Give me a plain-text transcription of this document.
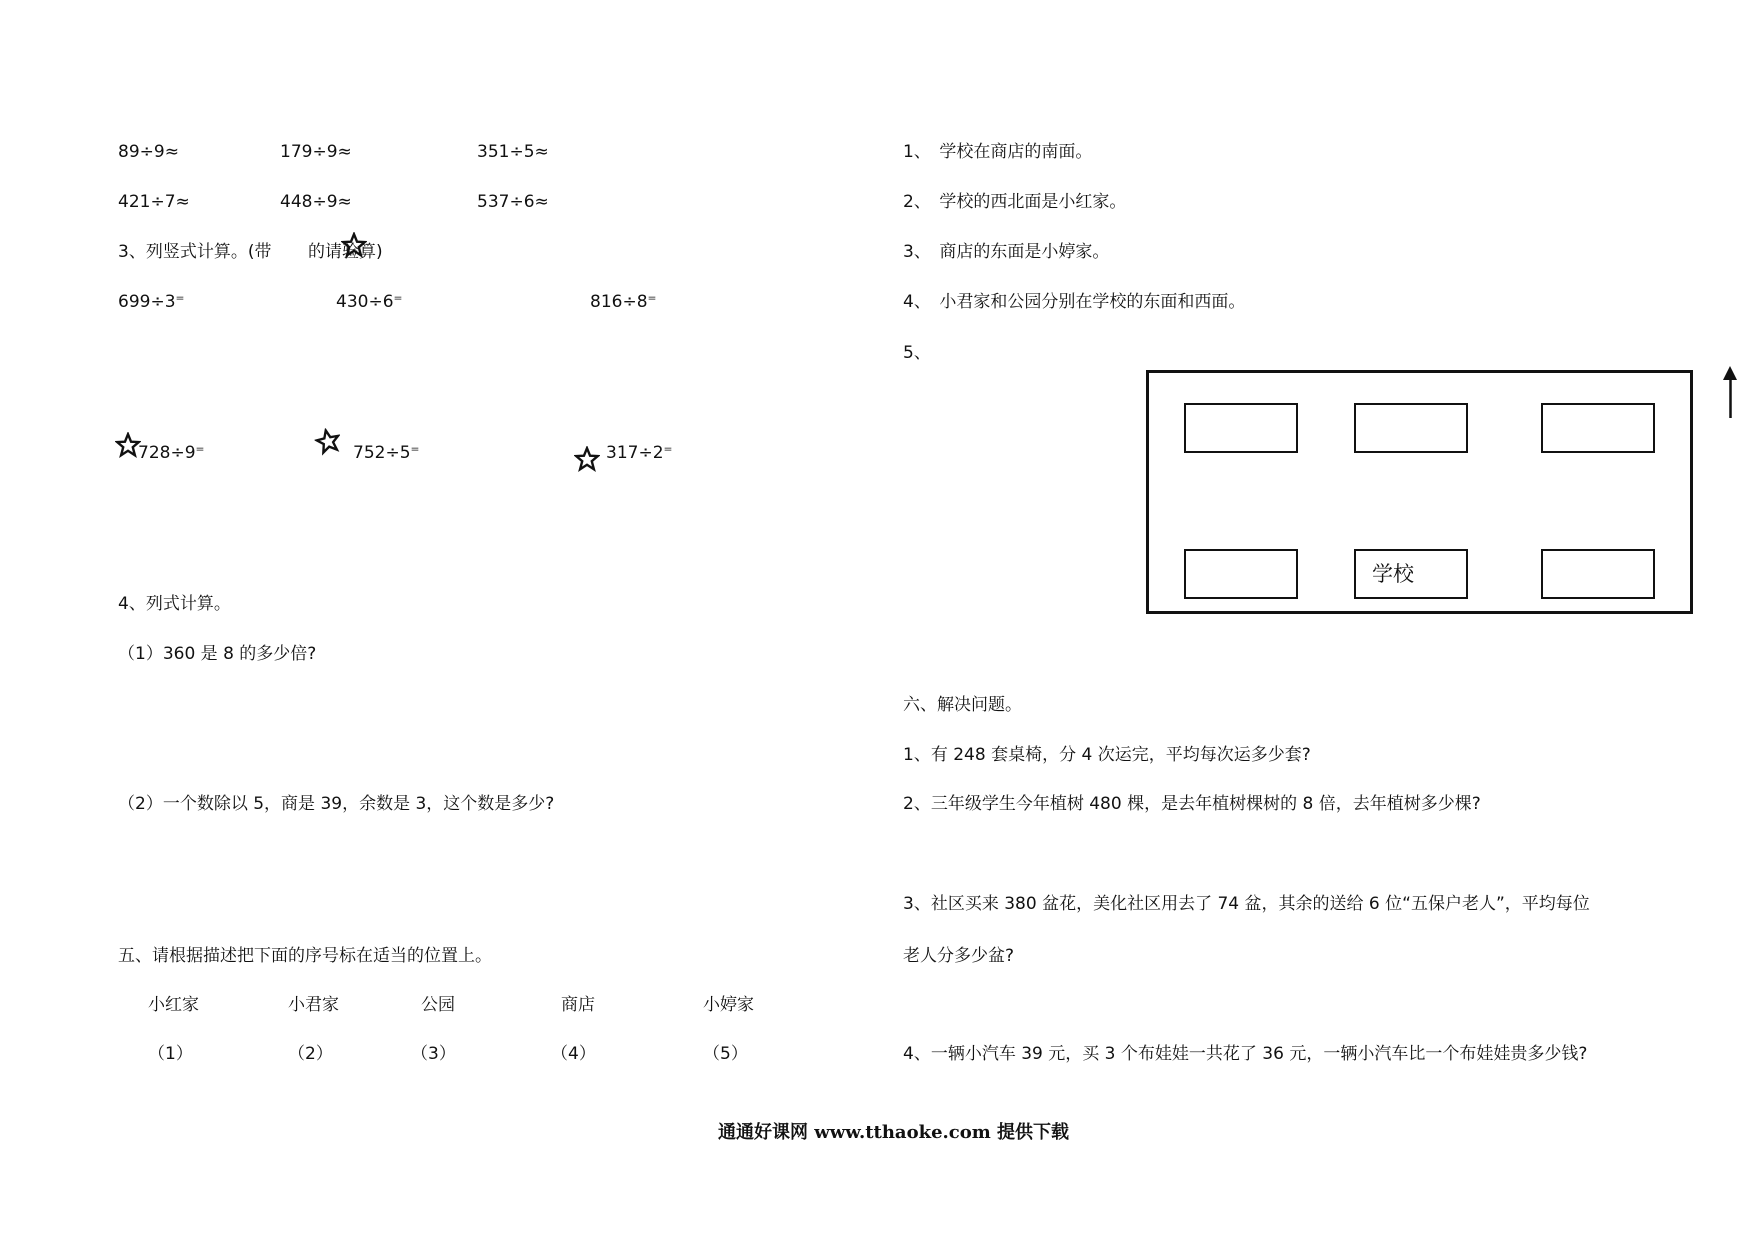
89÷9≈	179÷9≈	351÷5≈
421÷7≈	448÷9≈	537÷6≈
3、列竖式计算。(带 的请验算)
699÷3⁼	430÷6⁼	816÷8⁼
728÷9⁼	752÷5⁼	317÷2⁼
4、列式计算。
（1）360 是 8 的多少倍?
（2）一个数除以 5，商是 39，余数是 3，这个数是多少?
五、请根据描述把下面的序号标在适当的位置上。
小红家	小君家	公园	商店	小婷家
（1）	（2）	（3）	（4）	（5）
1、　学校在商店的南面。
2、　学校的西北面是小红家。
3、　商店的东面是小婷家。
4、　小君家和公园分别在学校的东面和西面。
5、
学校
六、解决问题。
1、有 248 套桌椅，分 4 次运完，平均每次运多少套?
2、三年级学生今年植树 480 棵，是去年植树棵树的 8 倍，去年植树多少棵?
3、社区买来 380 盆花，美化社区用去了 74 盆，其余的送给 6 位“五保户老人”，平均每位
老人分多少盆?
4、一辆小汽车 39 元，买 3 个布娃娃一共花了 36 元，一辆小汽车比一个布娃娃贵多少钱?
通通好课网 www.tthaoke.com 提供下载
